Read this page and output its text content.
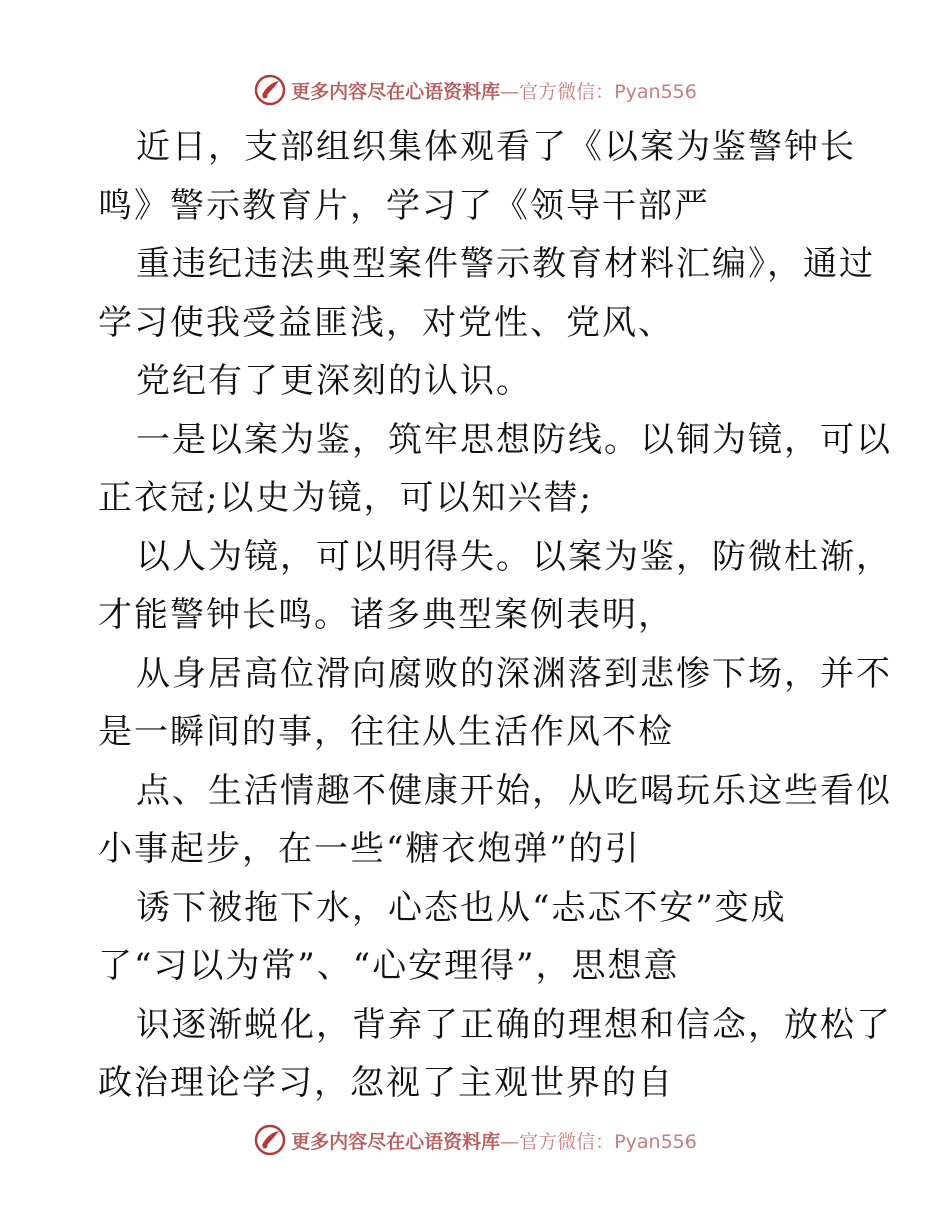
更多内容尽在心语资料库—官方微信：Pyan556
近日，支部组织集体观看了《以案为鉴警钟长
鸣》警示教育片，学习了《领导干部严
重违纪违法典型案件警示教育材料汇编》，通过
学习使我受益匪浅，对党性、党风、
党纪有了更深刻的认识。
一是以案为鉴，筑牢思想防线。以铜为镜，可以
正衣冠;以史为镜，可以知兴替;
以人为镜，可以明得失。以案为鉴，防微杜渐，
才能警钟长鸣。诸多典型案例表明，
从身居高位滑向腐败的深渊落到悲惨下场，并不
是一瞬间的事，往往从生活作风不检
点、生活情趣不健康开始，从吃喝玩乐这些看似
小事起步，在一些“糖衣炮弹”的引
诱下被拖下水，心态也从“忐忑不安”变成
了“习以为常”、“心安理得”，思想意
识逐渐蜕化，背弃了正确的理想和信念，放松了
政治理论学习，忽视了主观世界的自
更多内容尽在心语资料库—官方微信：Pyan556
